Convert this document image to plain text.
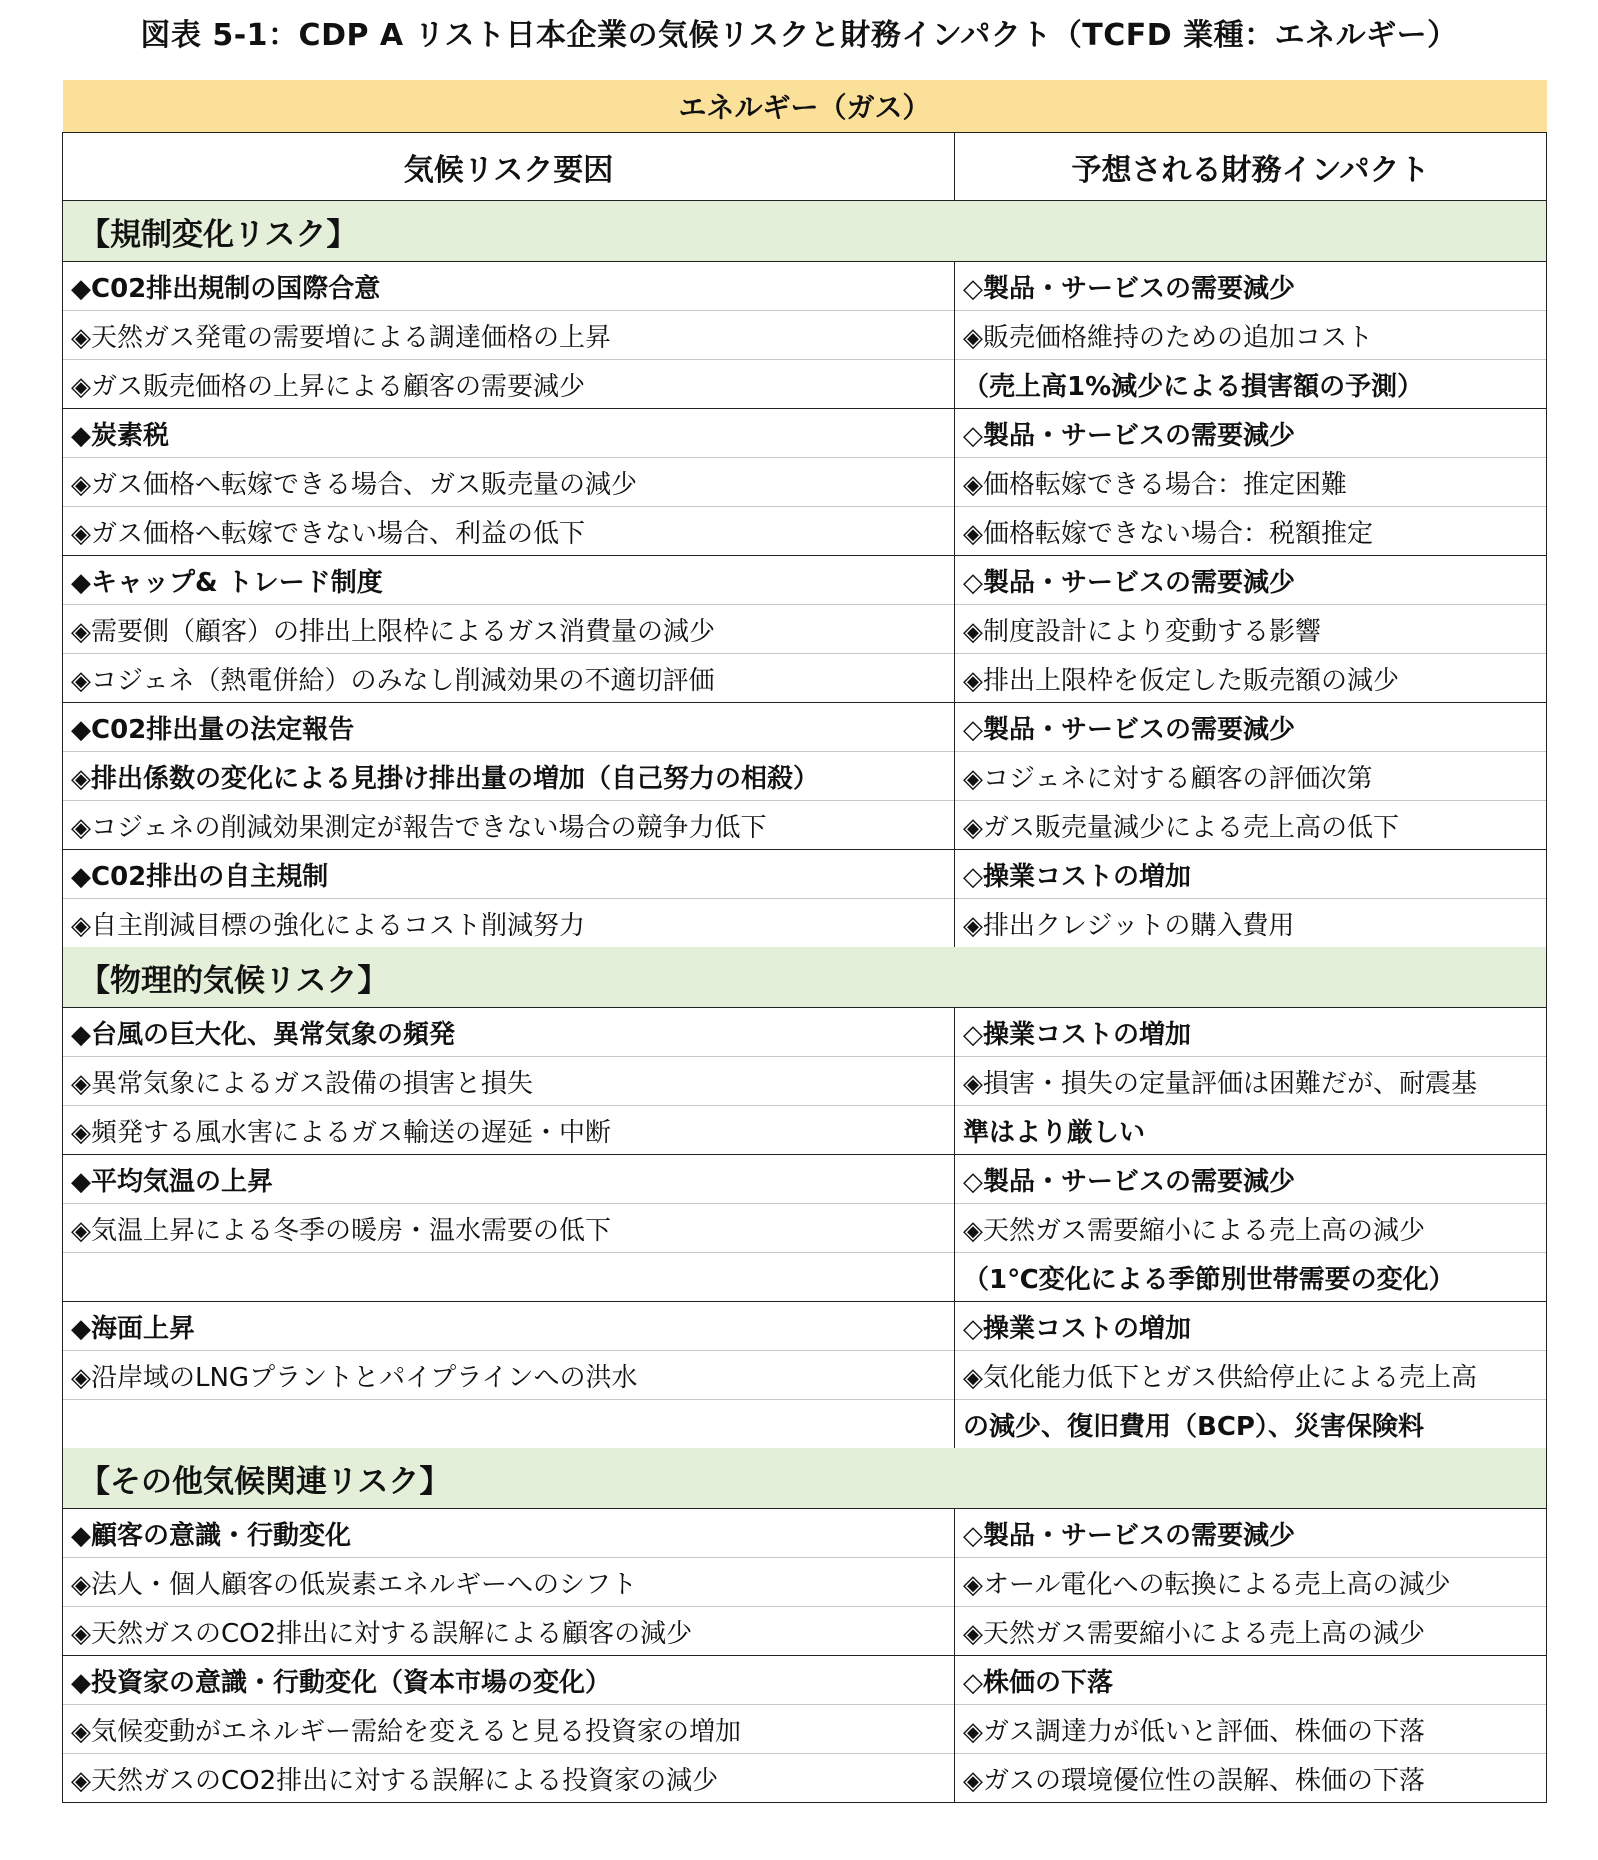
図表 5-1：CDP A リスト日本企業の気候リスクと財務インパクト（TCFD 業種：エネルギー）
エネルギー（ガス）	
気候リスク要因	予想される財務インパクト
【規制変化リスク】	
◆C02排出規制の国際合意	◇製品・サービスの需要減少
◈天然ガス発電の需要増による調達価格の上昇	◈販売価格維持のための追加コスト
◈ガス販売価格の上昇による顧客の需要減少	（売上高1%減少による損害額の予測）
◆炭素税	◇製品・サービスの需要減少
◈ガス価格へ転嫁できる場合、ガス販売量の減少	◈価格転嫁できる場合：推定困難
◈ガス価格へ転嫁できない場合、利益の低下	◈価格転嫁できない場合：税額推定
◆キャップ& トレード制度	◇製品・サービスの需要減少
◈需要側（顧客）の排出上限枠によるガス消費量の減少	◈制度設計により変動する影響
◈コジェネ（熱電併給）のみなし削減効果の不適切評価	◈排出上限枠を仮定した販売額の減少
◆C02排出量の法定報告	◇製品・サービスの需要減少
◈排出係数の変化による見掛け排出量の増加（自己努力の相殺）	◈コジェネに対する顧客の評価次第
◈コジェネの削減効果測定が報告できない場合の競争力低下	◈ガス販売量減少による売上高の低下
◆C02排出の自主規制	◇操業コストの増加
◈自主削減目標の強化によるコスト削減努力	◈排出クレジットの購入費用
【物理的気候リスク】	
◆台風の巨大化、異常気象の頻発	◇操業コストの増加
◈異常気象によるガス設備の損害と損失	◈損害・損失の定量評価は困難だが、耐震基
◈頻発する風水害によるガス輸送の遅延・中断	準はより厳しい
◆平均気温の上昇	◇製品・サービスの需要減少
◈気温上昇による冬季の暖房・温水需要の低下	◈天然ガス需要縮小による売上高の減少
	（1℃変化による季節別世帯需要の変化）
◆海面上昇	◇操業コストの増加
◈沿岸域のLNGプラントとパイプラインへの洪水	◈気化能力低下とガス供給停止による売上高
	の減少、復旧費用（BCP）、災害保険料
【その他気候関連リスク】	
◆顧客の意識・行動変化	◇製品・サービスの需要減少
◈法人・個人顧客の低炭素エネルギーへのシフト	◈オール電化への転換による売上高の減少
◈天然ガスのCO2排出に対する誤解による顧客の減少	◈天然ガス需要縮小による売上高の減少
◆投資家の意識・行動変化（資本市場の変化）	◇株価の下落
◈気候変動がエネルギー需給を変えると見る投資家の増加	◈ガス調達力が低いと評価、株価の下落
◈天然ガスのCO2排出に対する誤解による投資家の減少	◈ガスの環境優位性の誤解、株価の下落
